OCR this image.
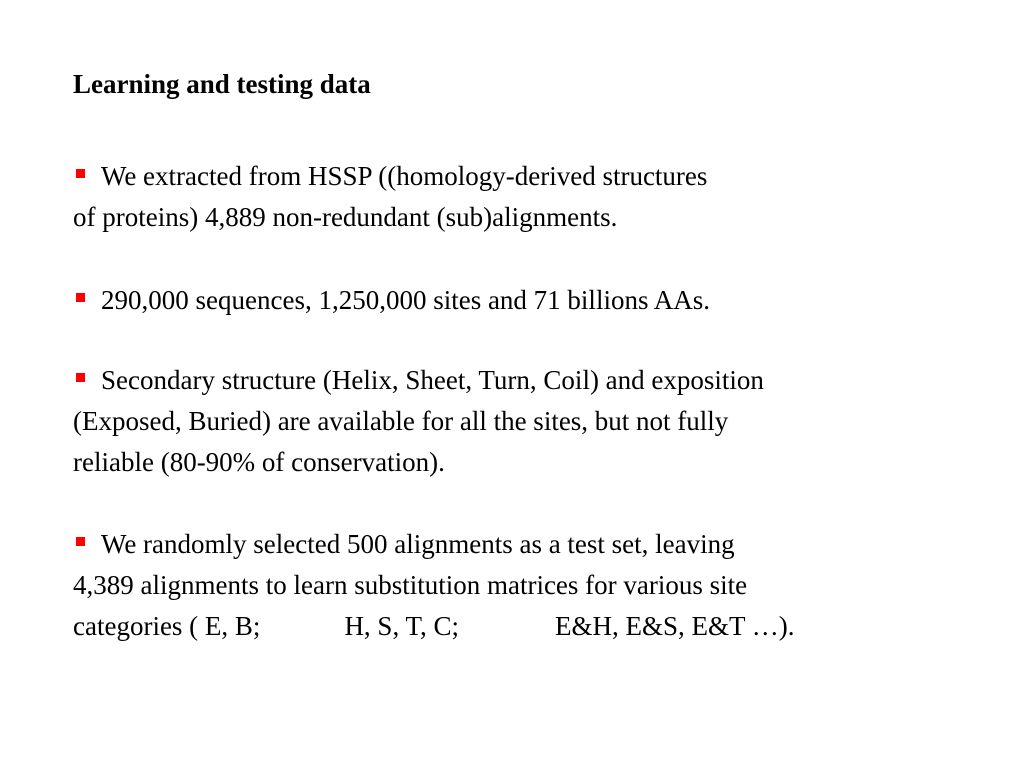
Learning and testing data
We extracted from HSSP ((homology-derived structures
of proteins) 4,889 non-redundant (sub)alignments.
290,000 sequences, 1,250,000 sites and 71 billions AAs.
Secondary structure (Helix, Sheet, Turn, Coil) and exposition
(Exposed, Buried) are available for all the sites, but not fully
reliable (80-90% of conservation).
We randomly selected 500 alignments as a test set, leaving
4,389 alignments to learn substitution matrices for various site
categories ( E, B;	H, S, T, C;	E&H, E&S, E&T …).
